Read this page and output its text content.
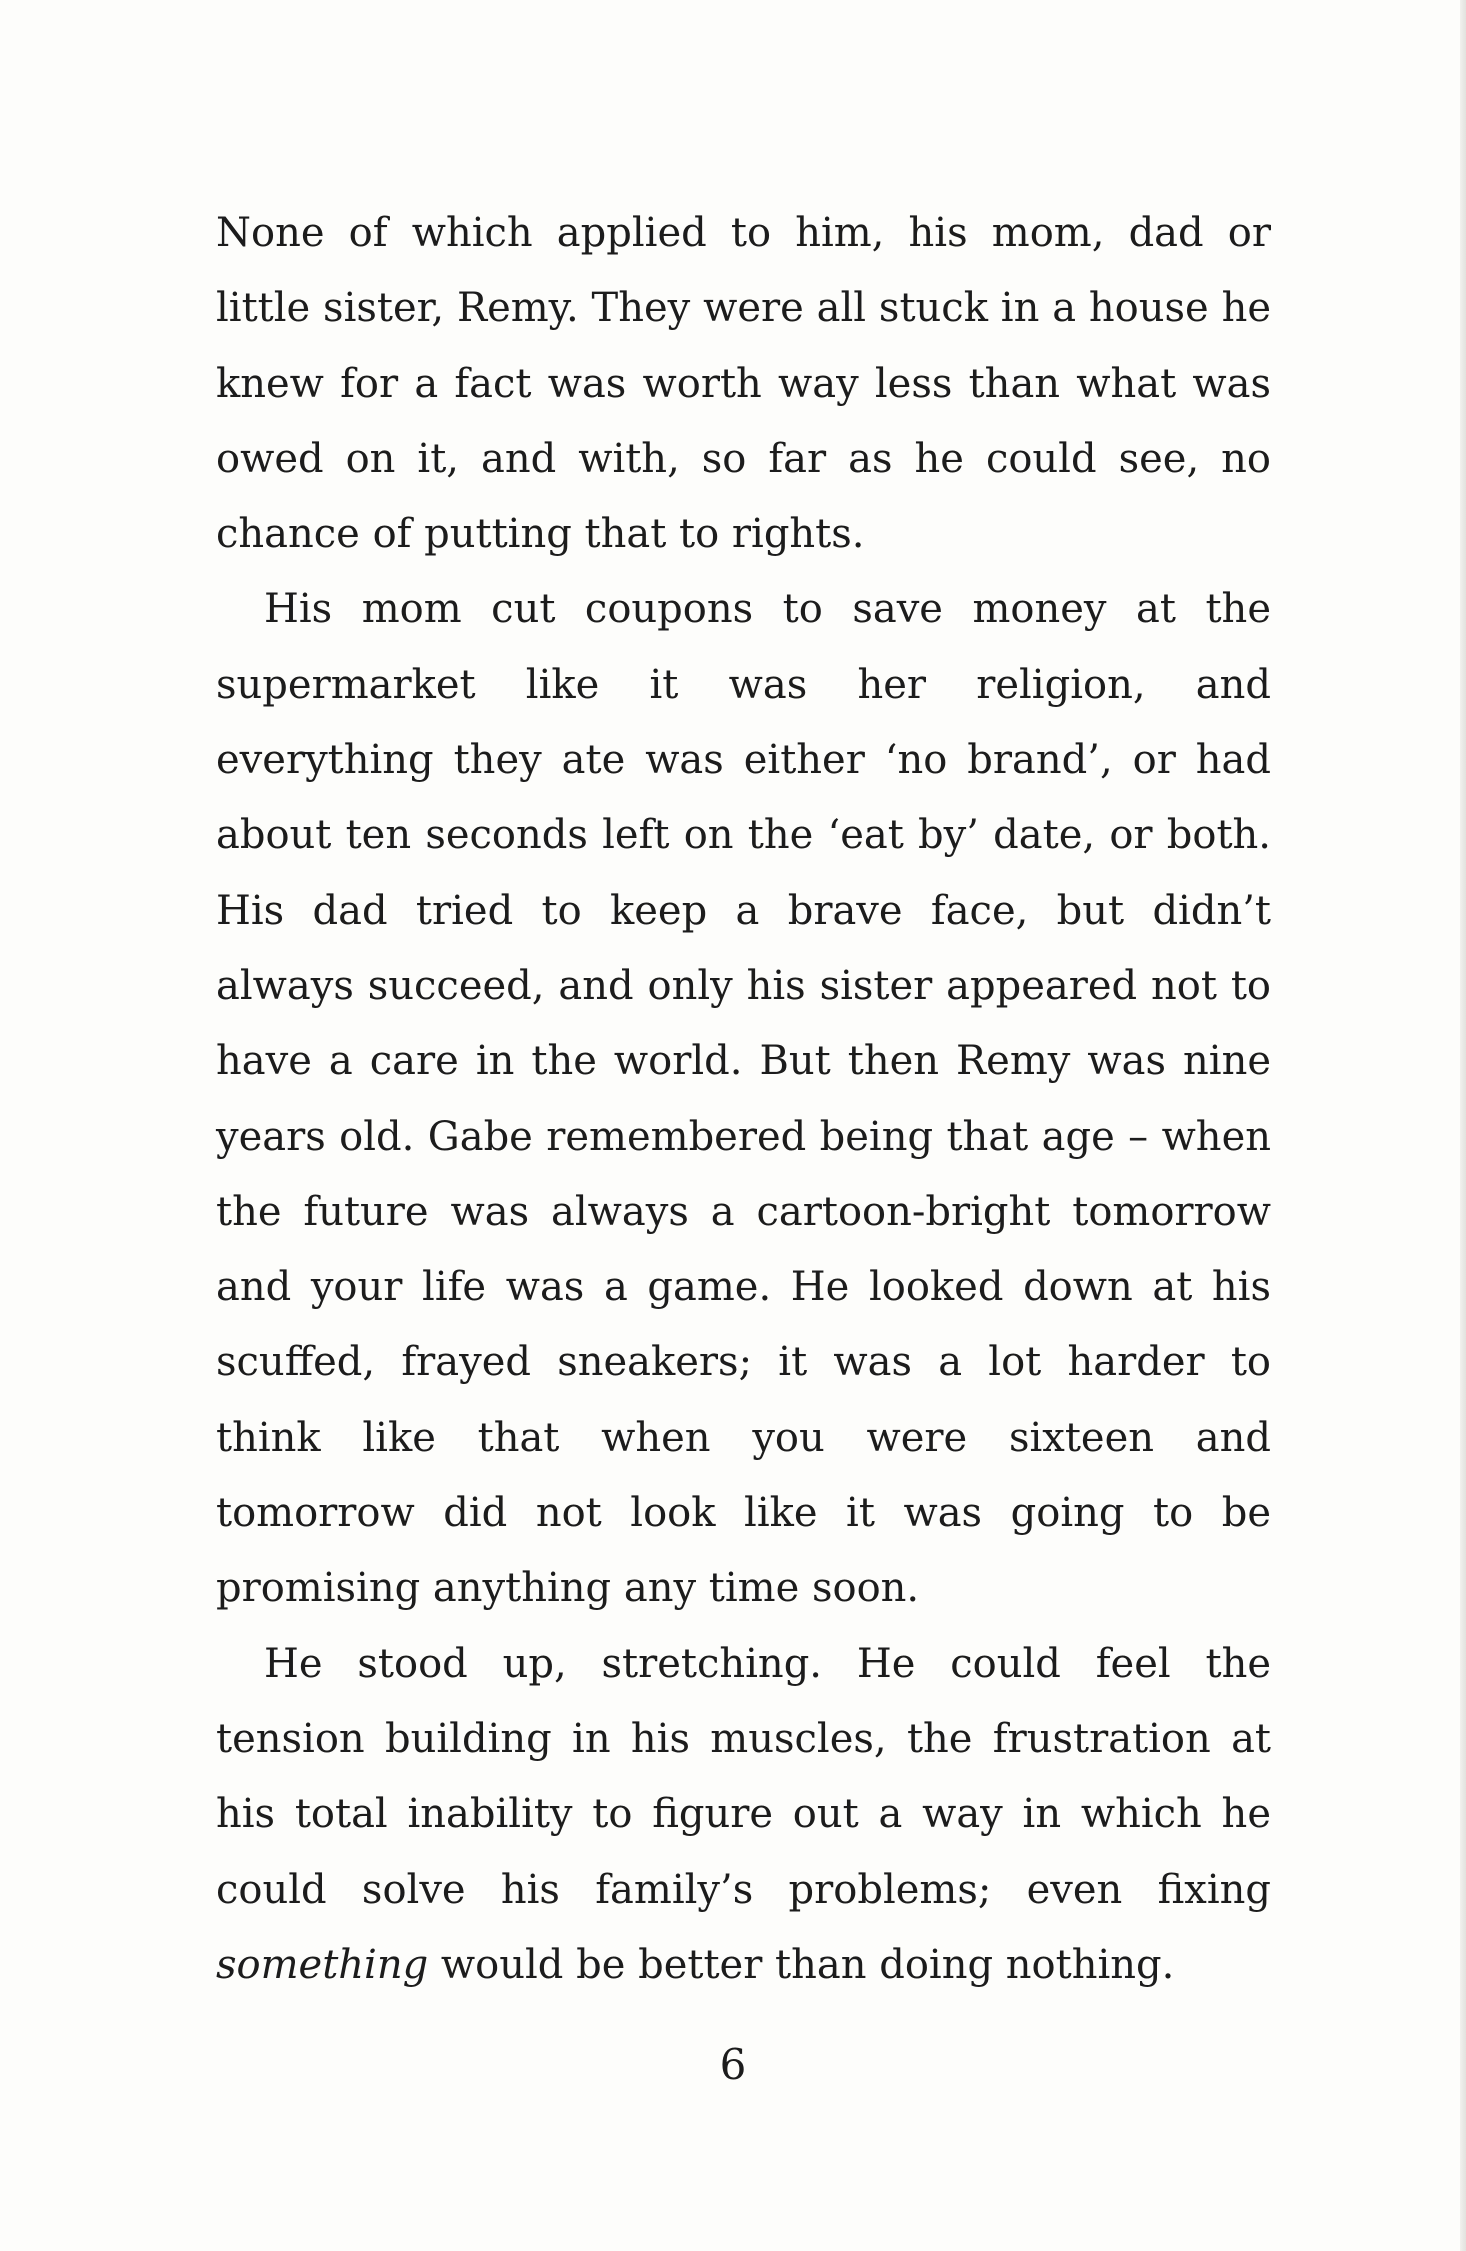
None of which applied to him, his mom, dad or little sister, Remy. They were all stuck in a house he knew for a fact was worth way less than what was owed on it, and with, so far as he could see, no chance of putting that to rights.

His mom cut coupons to save money at the supermarket like it was her religion, and everything they ate was either ‘no brand’, or had about ten seconds left on the ‘eat by’ date, or both. His dad tried to keep a brave face, but didn’t always succeed, and only his sister appeared not to have a care in the world. But then Remy was nine years old. Gabe remembered being that age – when the future was always a cartoon-bright tomorrow and your life was a game. He looked down at his scuffed, frayed sneakers; it was a lot harder to think like that when you were sixteen and tomorrow did not look like it was going to be promising anything any time soon.

He stood up, stretching. He could feel the tension building in his muscles, the frustration at his total inability to figure out a way in which he could solve his family’s problems; even fixing something would be better than doing nothing.

6
